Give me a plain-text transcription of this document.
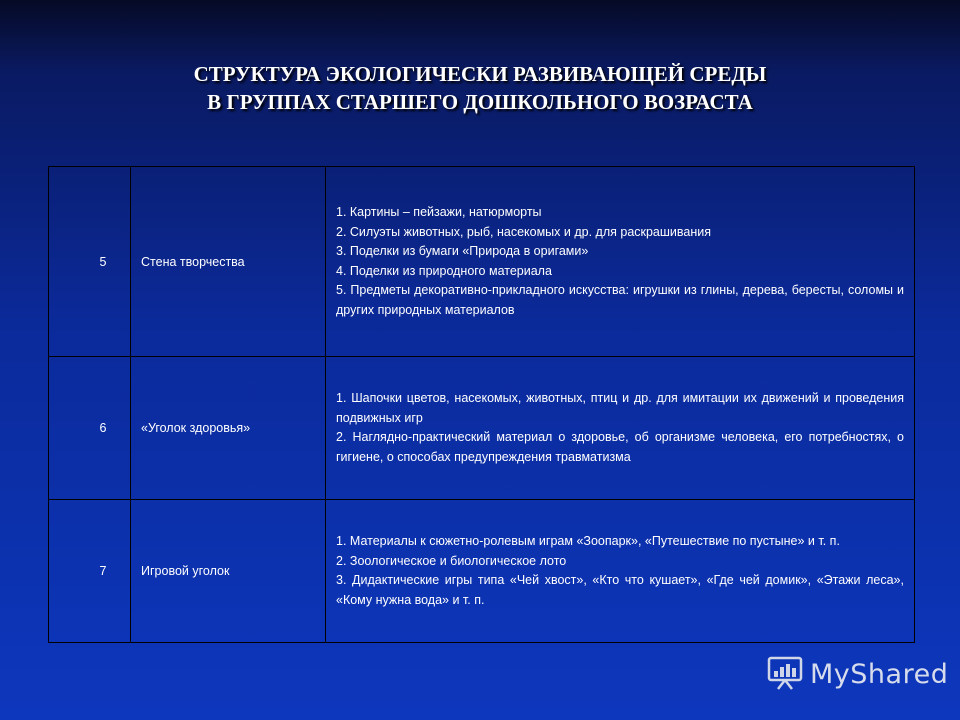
СТРУКТУРА ЭКОЛОГИЧЕСКИ РАЗВИВАЮЩЕЙ СРЕДЫ
В ГРУППАХ СТАРШЕГО ДОШКОЛЬНОГО ВОЗРАСТА
5	Стена творчества	1. Картины – пейзажи, натюрморты
2. Силуэты животных, рыб, насекомых и др. для раскрашивания
3. Поделки из бумаги «Природа в оригами»
4. Поделки из природного материала
5. Предметы декоративно-прикладного искусства: игрушки из глины, дерева, бересты, соломы и других природных материалов

6	«Уголок здоровья»	1. Шапочки цветов, насекомых, животных, птиц и др. для имитации их движений и проведения подвижных игр
2. Наглядно-практический материал о здоровье, об организме человека, его потребностях, о гигиене, о способах предупреждения травматизма

7	Игровой уголок	1. Материалы к сюжетно-ролевым играм «Зоопарк», «Путешествие по пустыне» и т. п.
2. Зоологическое и биологическое лото
3. Дидактические игры типа «Чей хвост», «Кто что кушает», «Где чей домик», «Этажи леса», «Кому нужна вода» и т. п.
MyShared
